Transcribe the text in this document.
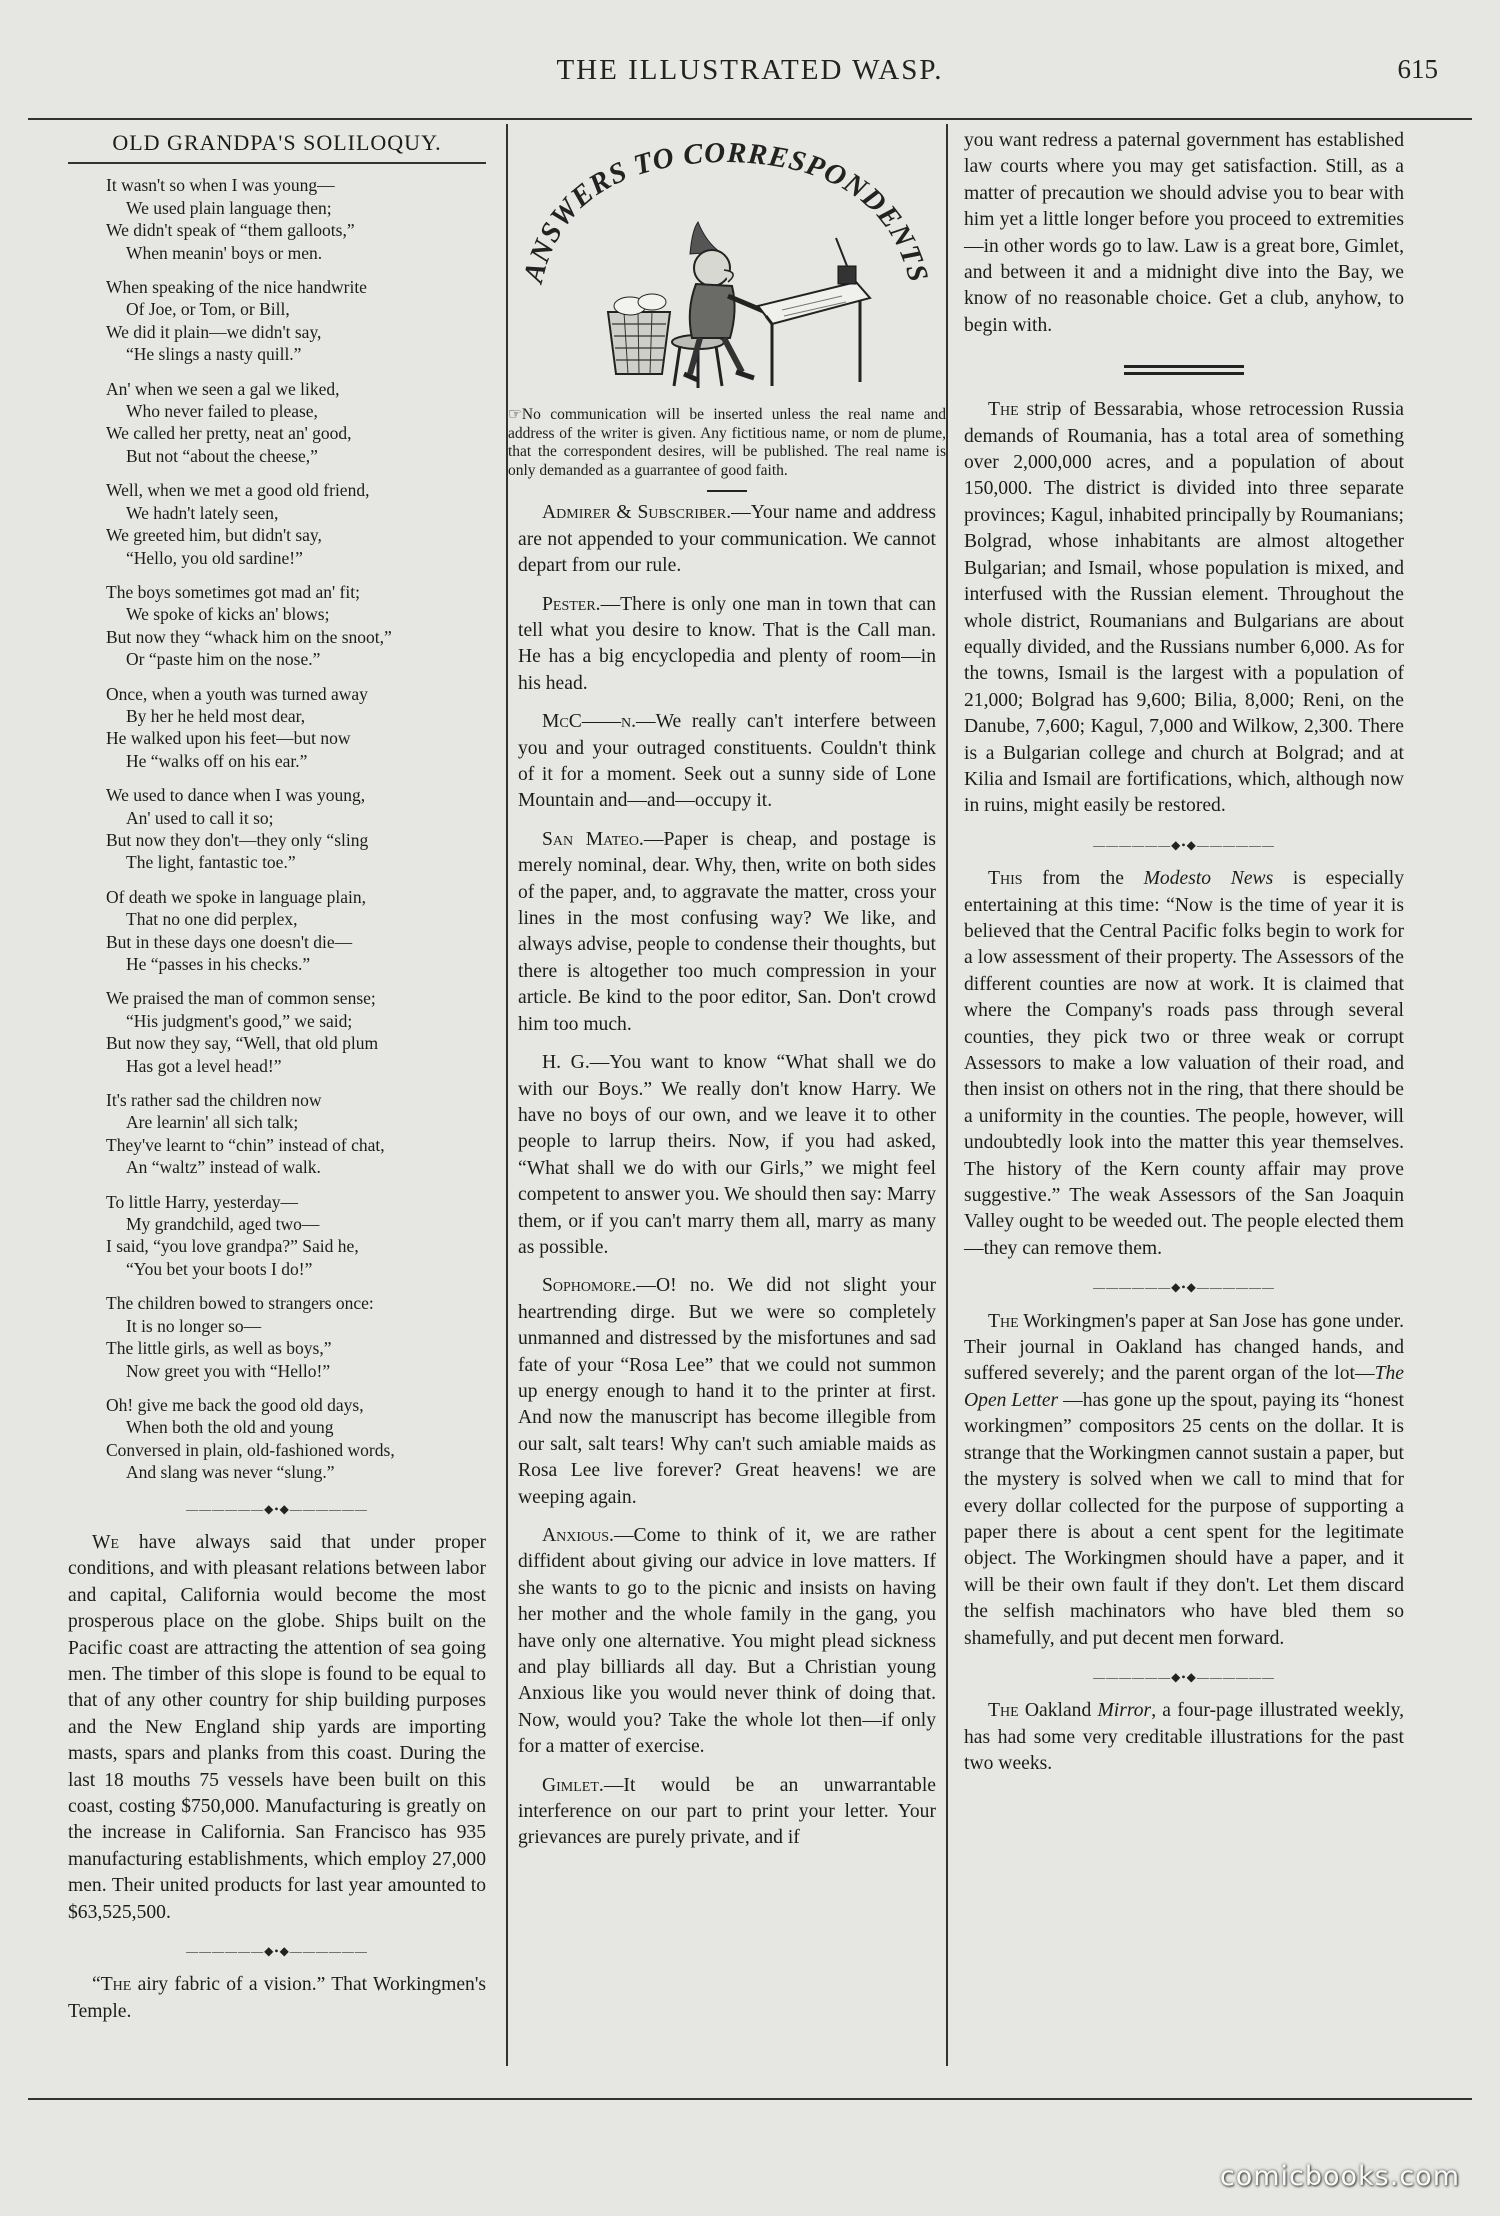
THE ILLUSTRATED WASP.	615
OLD GRANDPA'S SOLILOQUY.
It wasn't so when I was young—
We used plain language then;
We didn't speak of “them galloots,”
When meanin' boys or men.
When speaking of the nice handwrite
Of Joe, or Tom, or Bill,
We did it plain—we didn't say,
“He slings a nasty quill.”
An' when we seen a gal we liked,
Who never failed to please,
We called her pretty, neat an' good,
But not “about the cheese,”
Well, when we met a good old friend,
We hadn't lately seen,
We greeted him, but didn't say,
“Hello, you old sardine!”
The boys sometimes got mad an' fit;
We spoke of kicks an' blows;
But now they “whack him on the snoot,”
Or “paste him on the nose.”
Once, when a youth was turned away
By her he held most dear,
He walked upon his feet—but now
He “walks off on his ear.”
We used to dance when I was young,
An' used to call it so;
But now they don't—they only “sling
The light, fantastic toe.”
Of death we spoke in language plain,
That no one did perplex,
But in these days one doesn't die—
He “passes in his checks.”
We praised the man of common sense;
“His judgment's good,” we said;
But now they say, “Well, that old plum
Has got a level head!”
It's rather sad the children now
Are learnin' all sich talk;
They've learnt to “chin” instead of chat,
An “waltz” instead of walk.
To little Harry, yesterday—
My grandchild, aged two—
I said, “you love grandpa?” Said he,
“You bet your boots I do!”
The children bowed to strangers once:
It is no longer so—
The little girls, as well as boys,”
Now greet you with “Hello!”
Oh! give me back the good old days,
When both the old and young
Conversed in plain, old-fashioned words,
And slang was never “slung.”
——————◆•◆——————

We have always said that under proper conditions, and with pleasant relations between labor and capital, California would become the most prosperous place on the globe. Ships built on the Pacific coast are attracting the attention of sea going men. The timber of this slope is found to be equal to that of any other country for ship building purposes and the New England ship yards are importing masts, spars and planks from this coast. During the last 18 mouths 75 vessels have been built on this coast, costing $750,000. Manufacturing is greatly on the increase in California. San Francisco has 935 manufacturing establishments, which employ 27,000 men. Their united products for last year amounted to $63,525,500.

——————◆•◆——————

“The airy fabric of a vision.” That Workingmen's Temple.

ANSWERS TO CORRESPONDENTS

☞No communication will be inserted unless the real name and address of the writer is given. Any fictitious name, or nom de plume, that the correspondent desires, will be published. The real name is only demanded as a guarrantee of good faith.

Admirer & Subscriber.—Your name and address are not appended to your communication. We cannot depart from our rule.

Pester.—There is only one man in town that can tell what you desire to know. That is the Call man. He has a big encyclopedia and plenty of room—in his head.

McC——n.—We really can't interfere between you and your outraged constituents. Couldn't think of it for a moment. Seek out a sunny side of Lone Mountain and—and—occupy it.

San Mateo.—Paper is cheap, and postage is merely nominal, dear. Why, then, write on both sides of the paper, and, to aggravate the matter, cross your lines in the most confusing way? We like, and always advise, people to condense their thoughts, but there is altogether too much compression in your article. Be kind to the poor editor, San. Don't crowd him too much.

H. G.—You want to know “What shall we do with our Boys.” We really don't know Harry. We have no boys of our own, and we leave it to other people to larrup theirs. Now, if you had asked, “What shall we do with our Girls,” we might feel competent to answer you. We should then say: Marry them, or if you can't marry them all, marry as many as possible.

Sophomore.—O! no. We did not slight your heartrending dirge. But we were so completely unmanned and distressed by the misfortunes and sad fate of your “Rosa Lee” that we could not summon up energy enough to hand it to the printer at first. And now the manuscript has become illegible from our salt, salt tears! Why can't such amiable maids as Rosa Lee live forever? Great heavens! we are weeping again.

Anxious.—Come to think of it, we are rather diffident about giving our advice in love matters. If she wants to go to the picnic and insists on having her mother and the whole family in the gang, you have only one alternative. You might plead sickness and play billiards all day. But a Christian young Anxious like you would never think of doing that. Now, would you? Take the whole lot then—if only for a matter of exercise.

Gimlet.—It would be an unwarrantable interference on our part to print your letter. Your grievances are purely private, and if

you want redress a paternal government has established law courts where you may get satisfaction. Still, as a matter of precaution we should advise you to bear with him yet a little longer before you proceed to extremities—in other words go to law. Law is a great bore, Gimlet, and between it and a midnight dive into the Bay, we know of no reasonable choice. Get a club, anyhow, to begin with.

The strip of Bessarabia, whose retrocession Russia demands of Roumania, has a total area of something over 2,000,000 acres, and a population of about 150,000. The district is divided into three separate provinces; Kagul, inhabited principally by Roumanians; Bolgrad, whose inhabitants are almost altogether Bulgarian; and Ismail, whose population is mixed, and interfused with the Russian element. Throughout the whole district, Roumanians and Bulgarians are about equally divided, and the Russians number 6,000. As for the towns, Ismail is the largest with a population of 21,000; Bolgrad has 9,600; Bilia, 8,000; Reni, on the Danube, 7,600; Kagul, 7,000 and Wilkow, 2,300. There is a Bulgarian college and church at Bolgrad; and at Kilia and Ismail are fortifications, which, although now in ruins, might easily be restored.

——————◆•◆——————

This from the Modesto News is especially entertaining at this time: “Now is the time of year it is believed that the Central Pacific folks begin to work for a low assessment of their property. The Assessors of the different counties are now at work. It is claimed that where the Company's roads pass through several counties, they pick two or three weak or corrupt Assessors to make a low valuation of their road, and then insist on others not in the ring, that there should be a uniformity in the counties. The people, however, will undoubtedly look into the matter this year themselves. The history of the Kern county affair may prove suggestive.” The weak Assessors of the San Joaquin Valley ought to be weeded out. The people elected them—they can remove them.

——————◆•◆——————

The Workingmen's paper at San Jose has gone under. Their journal in Oakland has changed hands, and suffered severely; and the parent organ of the lot—The Open Letter —has gone up the spout, paying its “honest workingmen” compositors 25 cents on the dollar. It is strange that the Workingmen cannot sustain a paper, but the mystery is solved when we call to mind that for every dollar collected for the purpose of supporting a paper there is about a cent spent for the legitimate object. The Workingmen should have a paper, and it will be their own fault if they don't. Let them discard the selfish machinators who have bled them so shamefully, and put decent men forward.

——————◆•◆——————

The Oakland Mirror, a four-page illustrated weekly, has had some very creditable illustrations for the past two weeks.

comicbooks.com
